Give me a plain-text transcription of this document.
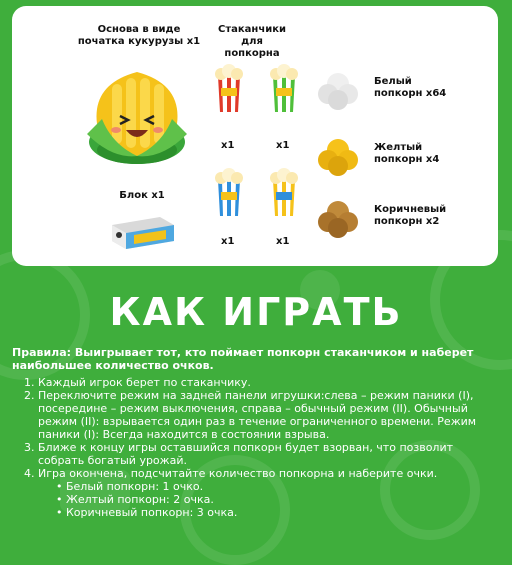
Основа в виде початка кукурузы x1
Стаканчики для попкорна
Блок x1
x1	x1
x1	x1
Белый попкорн x64
Желтый попкорн x4
Коричневый попкорн x2
КАК ИГРАТЬ
Правила: Выигрывает тот, кто поймает попкорн стаканчиком и наберет наибольшее количество очков.
1. Каждый игрок берет по стаканчику.
2. Переключите режим на задней панели игрушки:слева – режим паники (I), посередине – режим выключения, справа – обычный режим (II). Обычный режим (II): взрывается один раз в течение ограниченного времени. Режим паники (I): Всегда находится в состоянии взрыва.
3. Ближе к концу игры оставшийся попкорн будет взорван, что позволит собрать богатый урожай.
4. Игра окончена, подсчитайте количество попкорна и наберите очки.
• Белый попкорн: 1 очко.
• Желтый попкорн: 2 очка.
• Коричневый попкорн: 3 очка.
